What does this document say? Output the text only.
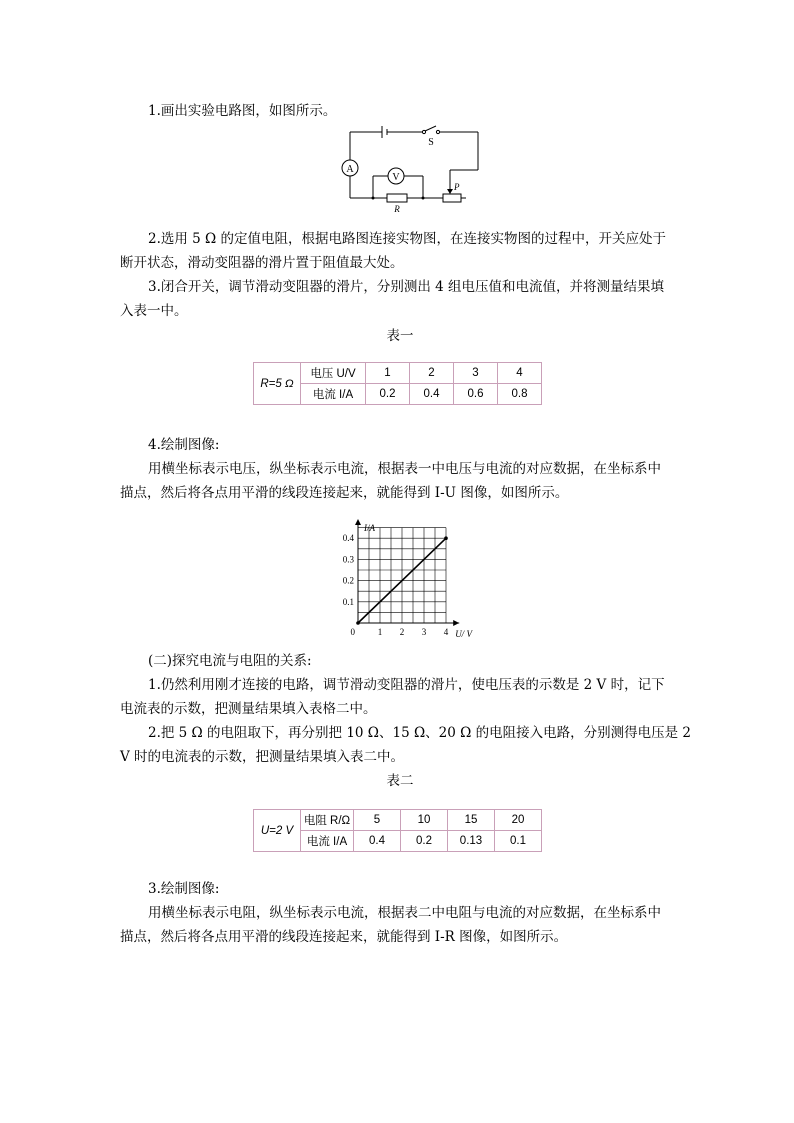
1.画出实验电路图，如图所示。
A
V
S
R
P
2.选用 5 Ω 的定值电阻，根据电路图连接实物图，在连接实物图的过程中，开关应处于
断开状态，滑动变阻器的滑片置于阻值最大处。
3.闭合开关，调节滑动变阻器的滑片，分别测出 4 组电压值和电流值，并将测量结果填
入表一中。
表一
R=5 Ω	电压 U/V	1	2	3	4
	电流 I/A	0.2	0.4	0.6	0.8
4.绘制图像:
用横坐标表示电压，纵坐标表示电流，根据表一中电压与电流的对应数据，在坐标系中
描点，然后将各点用平滑的线段连接起来，就能得到 I-U 图像，如图所示。
1 2 3 4
0.1
0.2
0.3
0.4
0	U/ V
I/A
(二)探究电流与电阻的关系:
1.仍然利用刚才连接的电路，调节滑动变阻器的滑片，使电压表的示数是 2 V 时，记下
电流表的示数，把测量结果填入表格二中。
2.把 5 Ω 的电阻取下，再分别把 10 Ω、15 Ω、20 Ω 的电阻接入电路，分别测得电压是 2
V 时的电流表的示数，把测量结果填入表二中。
表二
U=2 V	电阻 R/Ω	5	10	15	20
	电流 I/A	0.4	0.2	0.13	0.1
3.绘制图像:
用横坐标表示电阻，纵坐标表示电流，根据表二中电阻与电流的对应数据，在坐标系中
描点，然后将各点用平滑的线段连接起来，就能得到 I-R 图像，如图所示。
